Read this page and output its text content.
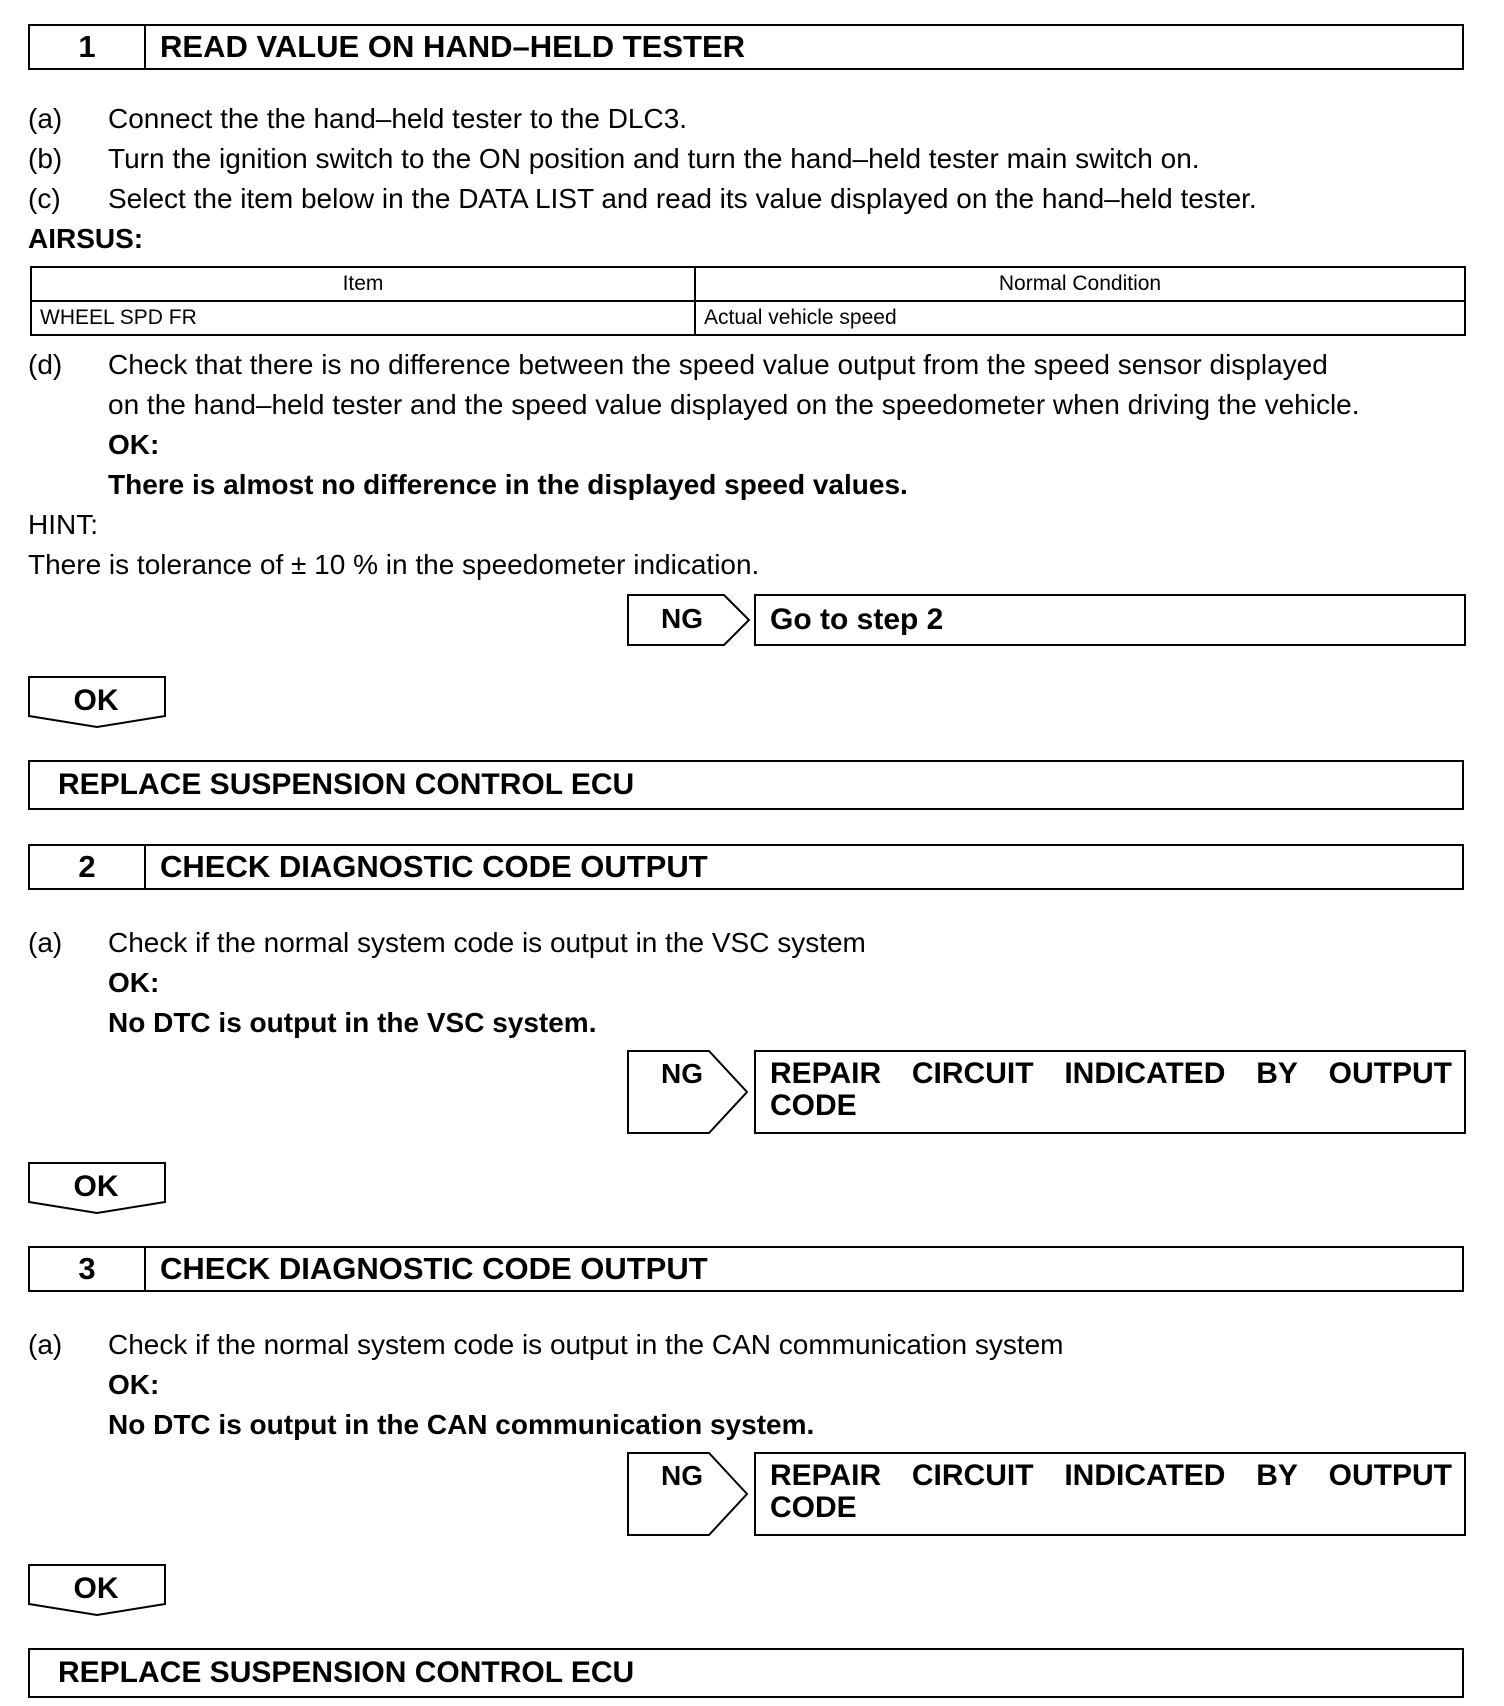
1	READ VALUE ON HAND–HELD TESTER
(a) Connect the the hand–held tester to the DLC3.
(b) Turn the ignition switch to the ON position and turn the hand–held tester main switch on.
(c) Select the item below in the DATA LIST and read its value displayed on the hand–held tester.
AIRSUS:
Item	Normal Condition
WHEEL SPD FR	Actual vehicle speed
(d) Check that there is no difference between the speed value output from the speed sensor displayed
on the hand–held tester and the speed value displayed on the speedometer when driving the vehicle.
OK:
There is almost no difference in the displayed speed values.
HINT:
There is tolerance of ± 10 % in the speedometer indication.
NG Go to step 2
OK
REPLACE SUSPENSION CONTROL ECU
2	CHECK DIAGNOSTIC CODE OUTPUT
(a) Check if the normal system code is output in the VSC system
OK:
No DTC is output in the VSC system.
NG REPAIR CIRCUIT INDICATED BY OUTPUT
CODE
OK
3	CHECK DIAGNOSTIC CODE OUTPUT
(a) Check if the normal system code is output in the CAN communication system
OK:
No DTC is output in the CAN communication system.
NG REPAIR CIRCUIT INDICATED BY OUTPUT
CODE
OK
REPLACE SUSPENSION CONTROL ECU
